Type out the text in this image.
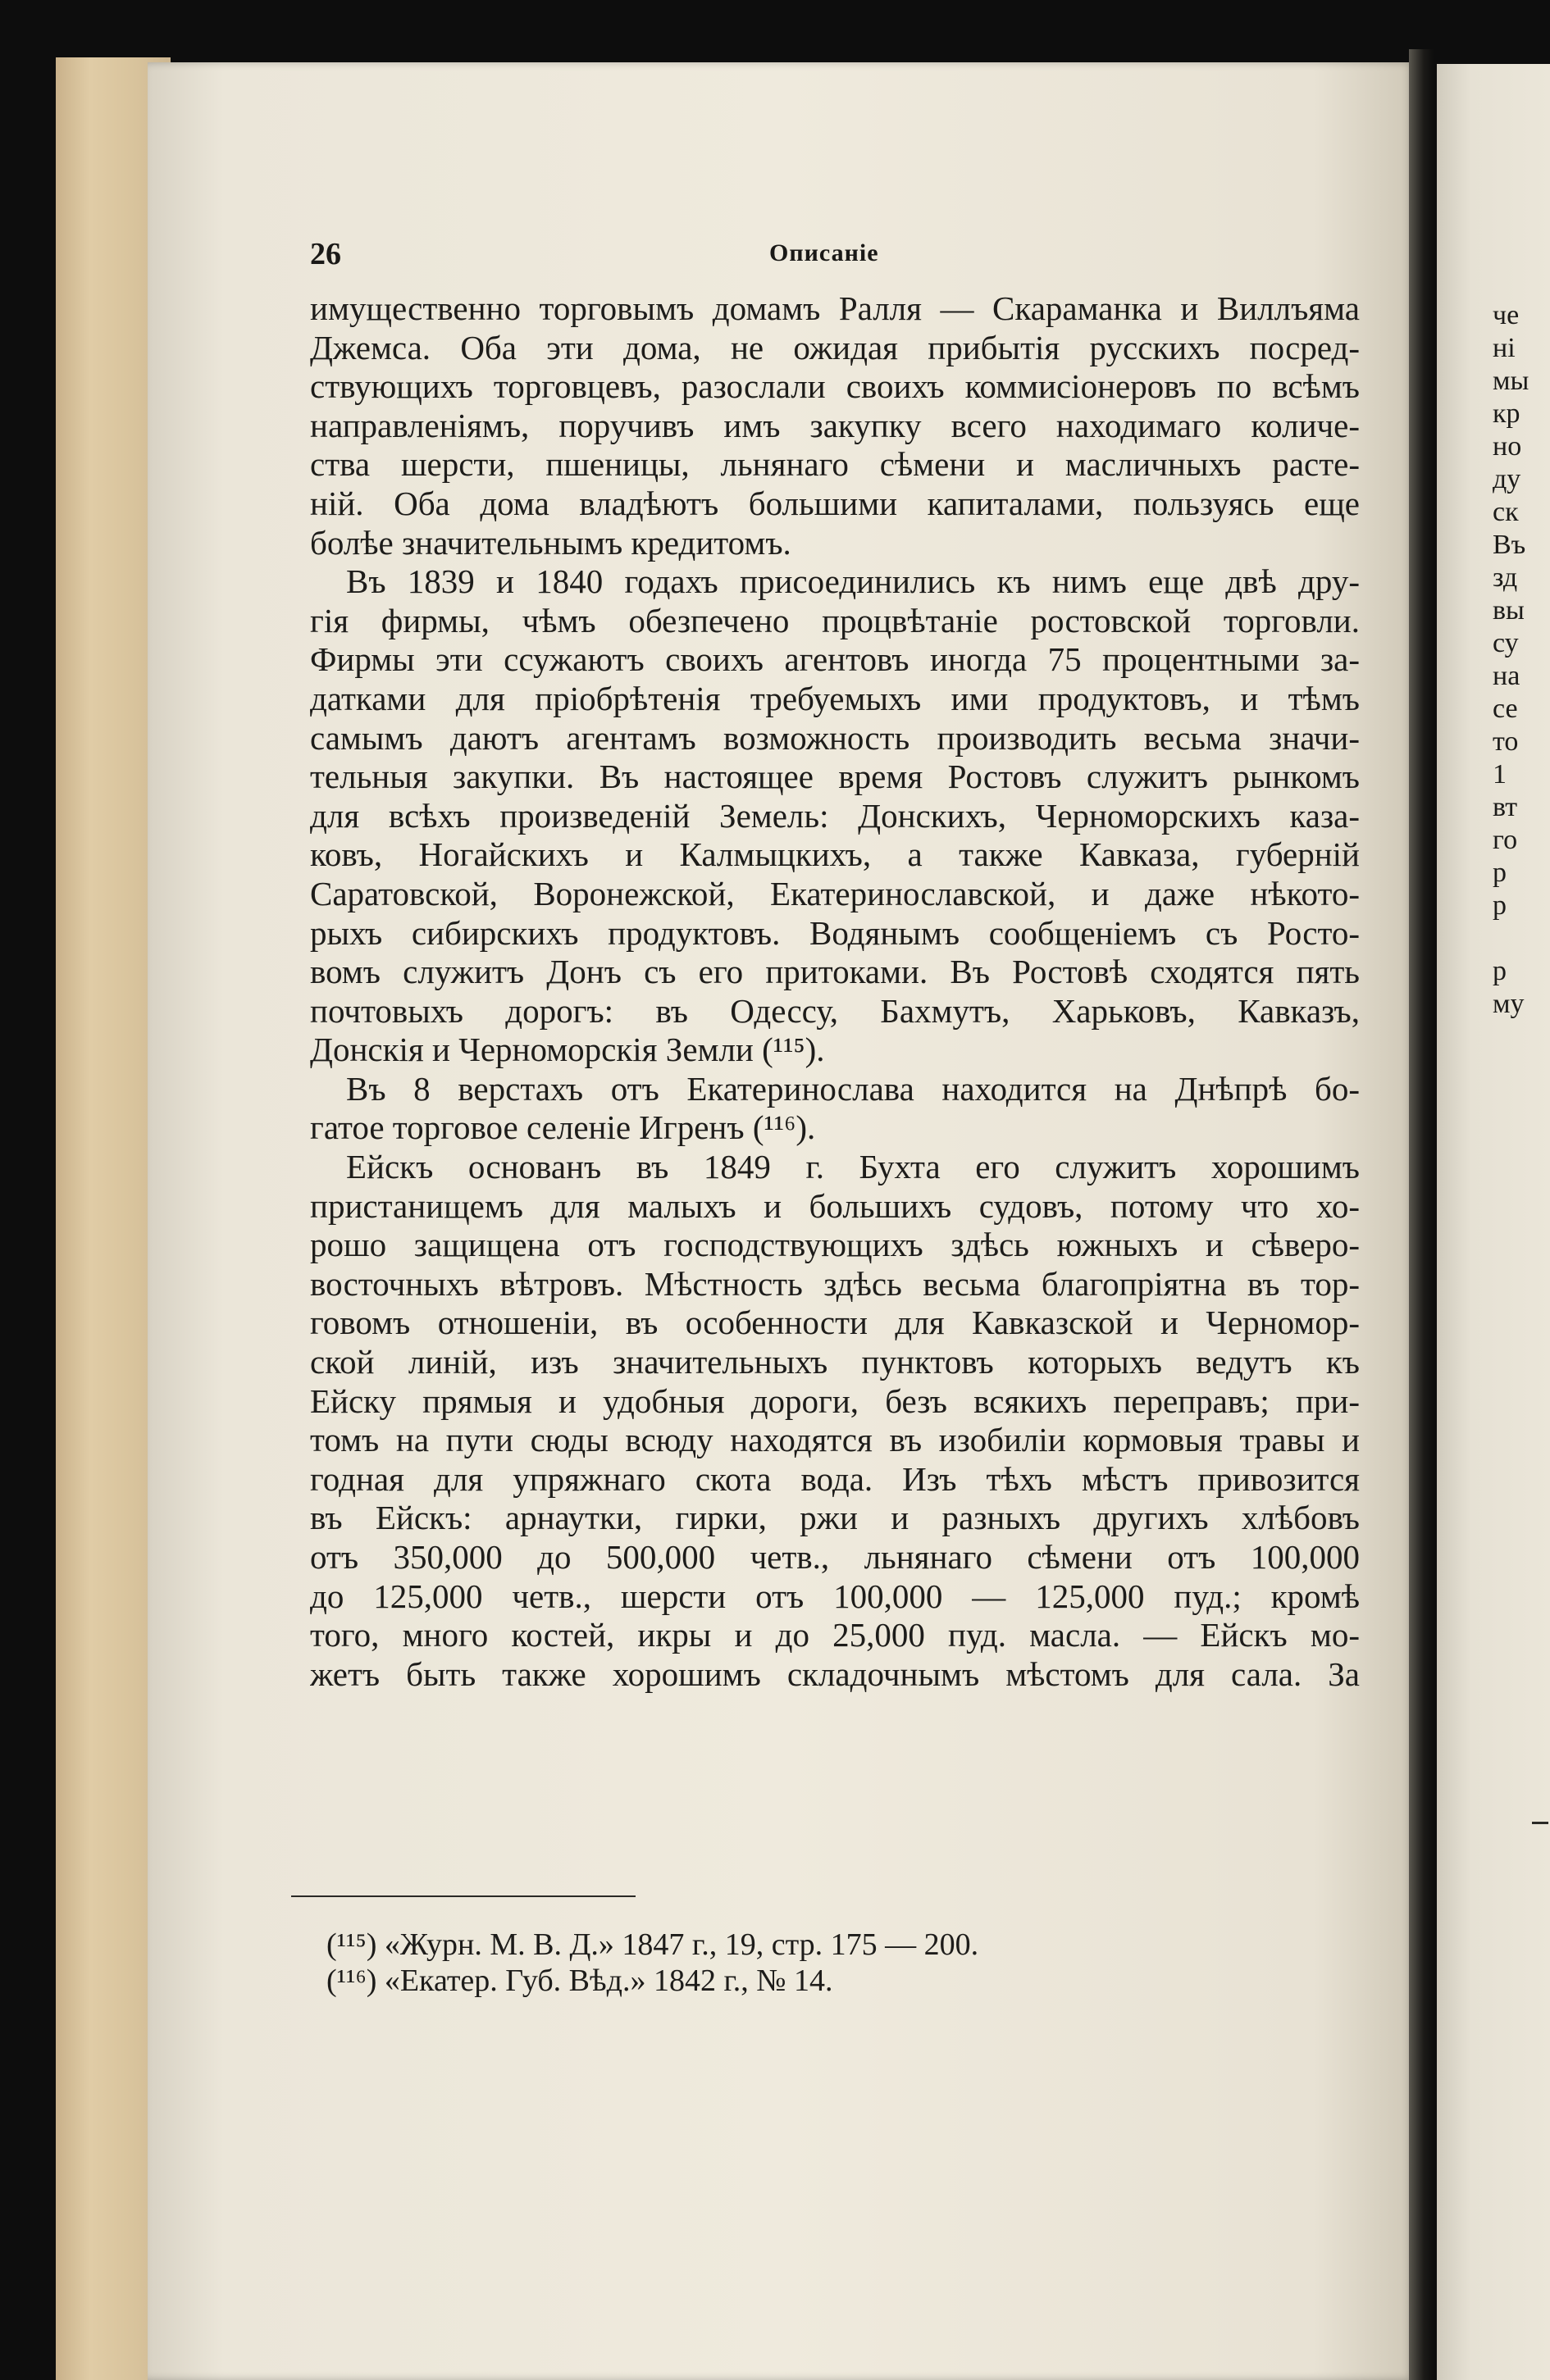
26	Описаніе
имущественно торговымъ домамъ Ралля — Скараманка и Виллъяма
Джемса. Оба эти дома, не ожидая прибытія русскихъ посред-
ствующихъ торговцевъ, разослали своихъ коммисіонеровъ по всѣмъ
направленіямъ, поручивъ имъ закупку всего находимаго количе-
ства шерсти, пшеницы, льнянаго сѣмени и масличныхъ расте-
ній. Оба дома владѣютъ большими капиталами, пользуясь еще
болѣе значительнымъ кредитомъ.
Въ 1839 и 1840 годахъ присоединились къ нимъ еще двѣ дру-
гія фирмы, чѣмъ обезпечено процвѣтаніе ростовской торговли.
Фирмы эти ссужаютъ своихъ агентовъ иногда 75 процентными за-
датками для пріобрѣтенія требуемыхъ ими продуктовъ, и тѣмъ
самымъ даютъ агентамъ возможность производить весьма значи-
тельныя закупки. Въ настоящее время Ростовъ служитъ рынкомъ
для всѣхъ произведеній Земель: Донскихъ, Черноморскихъ каза-
ковъ, Ногайскихъ и Калмыцкихъ, а также Кавказа, губерній
Саратовской, Воронежской, Екатеринославской, и даже нѣкото-
рыхъ сибирскихъ продуктовъ. Водянымъ сообщеніемъ съ Росто-
вомъ служитъ Донъ съ его притоками. Въ Ростовѣ сходятся пять
почтовыхъ дорогъ: въ Одессу, Бахмутъ, Харьковъ, Кавказъ,
Донскія и Черноморскія Земли (¹¹⁵).
Въ 8 верстахъ отъ Екатеринослава находится на Днѣпрѣ бо-
гатое торговое селеніе Игренъ (¹¹⁶).
Ейскъ основанъ въ 1849 г. Бухта его служитъ хорошимъ
пристанищемъ для малыхъ и большихъ судовъ, потому что хо-
рошо защищена отъ господствующихъ здѣсь южныхъ и сѣверо-
восточныхъ вѣтровъ. Мѣстность здѣсь весьма благопріятна въ тор-
говомъ отношеніи, въ особенности для Кавказской и Черномор-
ской линій, изъ значительныхъ пунктовъ которыхъ ведутъ къ
Ейску прямыя и удобныя дороги, безъ всякихъ переправъ; при-
томъ на пути сюды всюду находятся въ изобиліи кормовыя травы и
годная для упряжнаго скота вода. Изъ тѣхъ мѣстъ привозится
въ Ейскъ: арнаутки, гирки, ржи и разныхъ другихъ хлѣбовъ
отъ 350,000 до 500,000 четв., льнянаго сѣмени отъ 100,000
до 125,000 четв., шерсти отъ 100,000 — 125,000 пуд.; кромѣ
того, много костей, икры и до 25,000 пуд. масла. — Ейскъ мо-
жетъ быть также хорошимъ складочнымъ мѣстомъ для сала. За
(¹¹⁵) «Журн. М. В. Д.» 1847 г., 19, стр. 175 — 200.
(¹¹⁶) «Екатер. Губ. Вѣд.» 1842 г., № 14.
че
ні
мы
кр
но
ду
ск
Въ
зд
вы
су
на
се
то
1
вт
го
р
р
р
му
